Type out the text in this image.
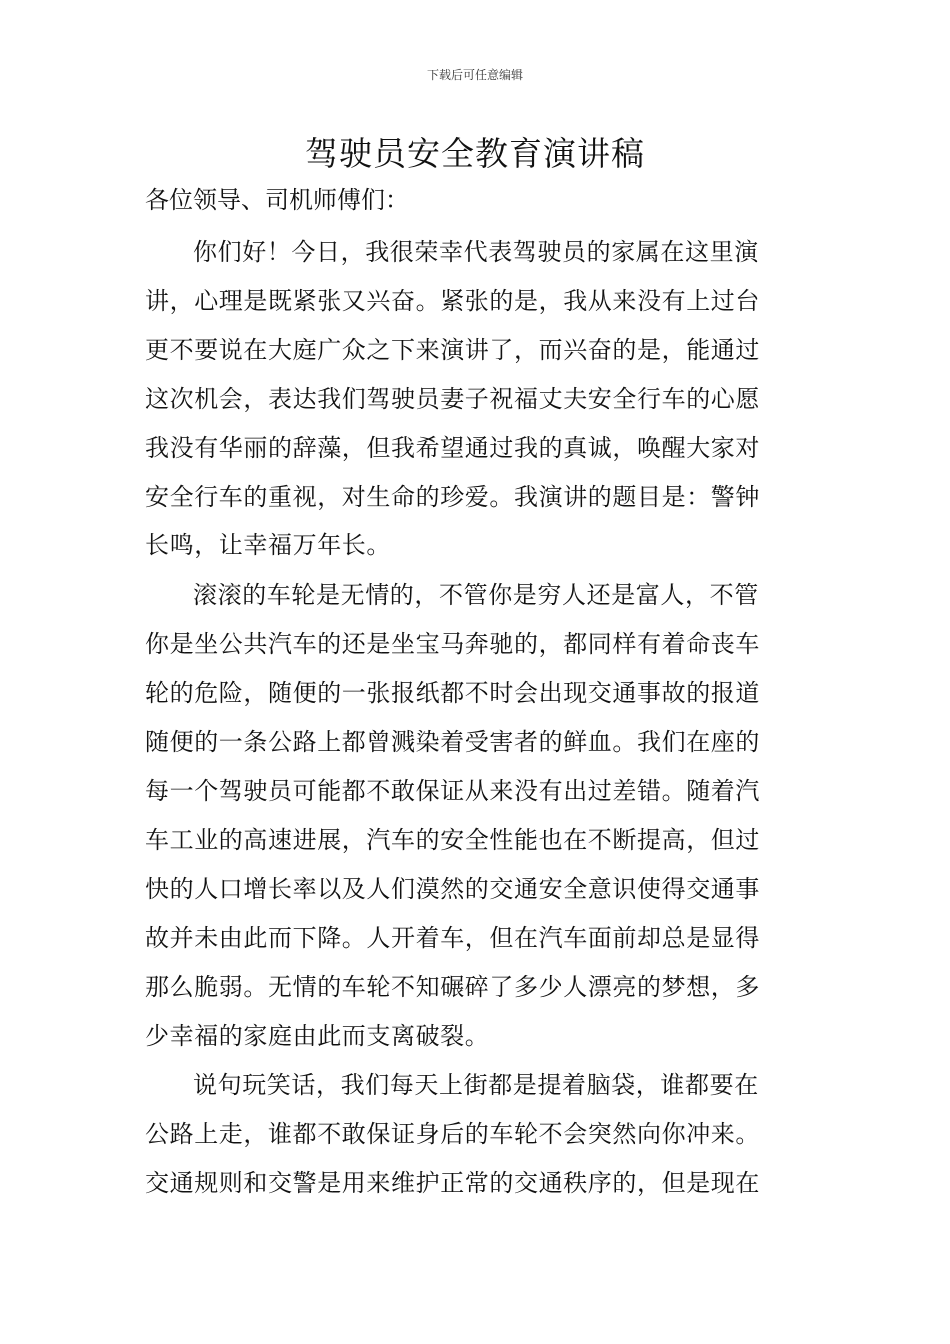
下载后可任意编辑
驾驶员安全教育演讲稿
各位领导、司机师傅们：
你们好！今日，我很荣幸代表驾驶员的家属在这里演
讲，心理是既紧张又兴奋。紧张的是，我从来没有上过台
更不要说在大庭广众之下来演讲了，而兴奋的是，能通过
这次机会，表达我们驾驶员妻子祝福丈夫安全行车的心愿
我没有华丽的辞藻，但我希望通过我的真诚，唤醒大家对
安全行车的重视，对生命的珍爱。我演讲的题目是：警钟
长鸣，让幸福万年长。
滚滚的车轮是无情的，不管你是穷人还是富人，不管
你是坐公共汽车的还是坐宝马奔驰的，都同样有着命丧车
轮的危险，随便的一张报纸都不时会出现交通事故的报道
随便的一条公路上都曾溅染着受害者的鲜血。我们在座的
每一个驾驶员可能都不敢保证从来没有出过差错。随着汽
车工业的高速进展，汽车的安全性能也在不断提高，但过
快的人口增长率以及人们漠然的交通安全意识使得交通事
故并未由此而下降。人开着车，但在汽车面前却总是显得
那么脆弱。无情的车轮不知碾碎了多少人漂亮的梦想，多
少幸福的家庭由此而支离破裂。
说句玩笑话，我们每天上街都是提着脑袋，谁都要在
公路上走，谁都不敢保证身后的车轮不会突然向你冲来。
交通规则和交警是用来维护正常的交通秩序的，但是现在
